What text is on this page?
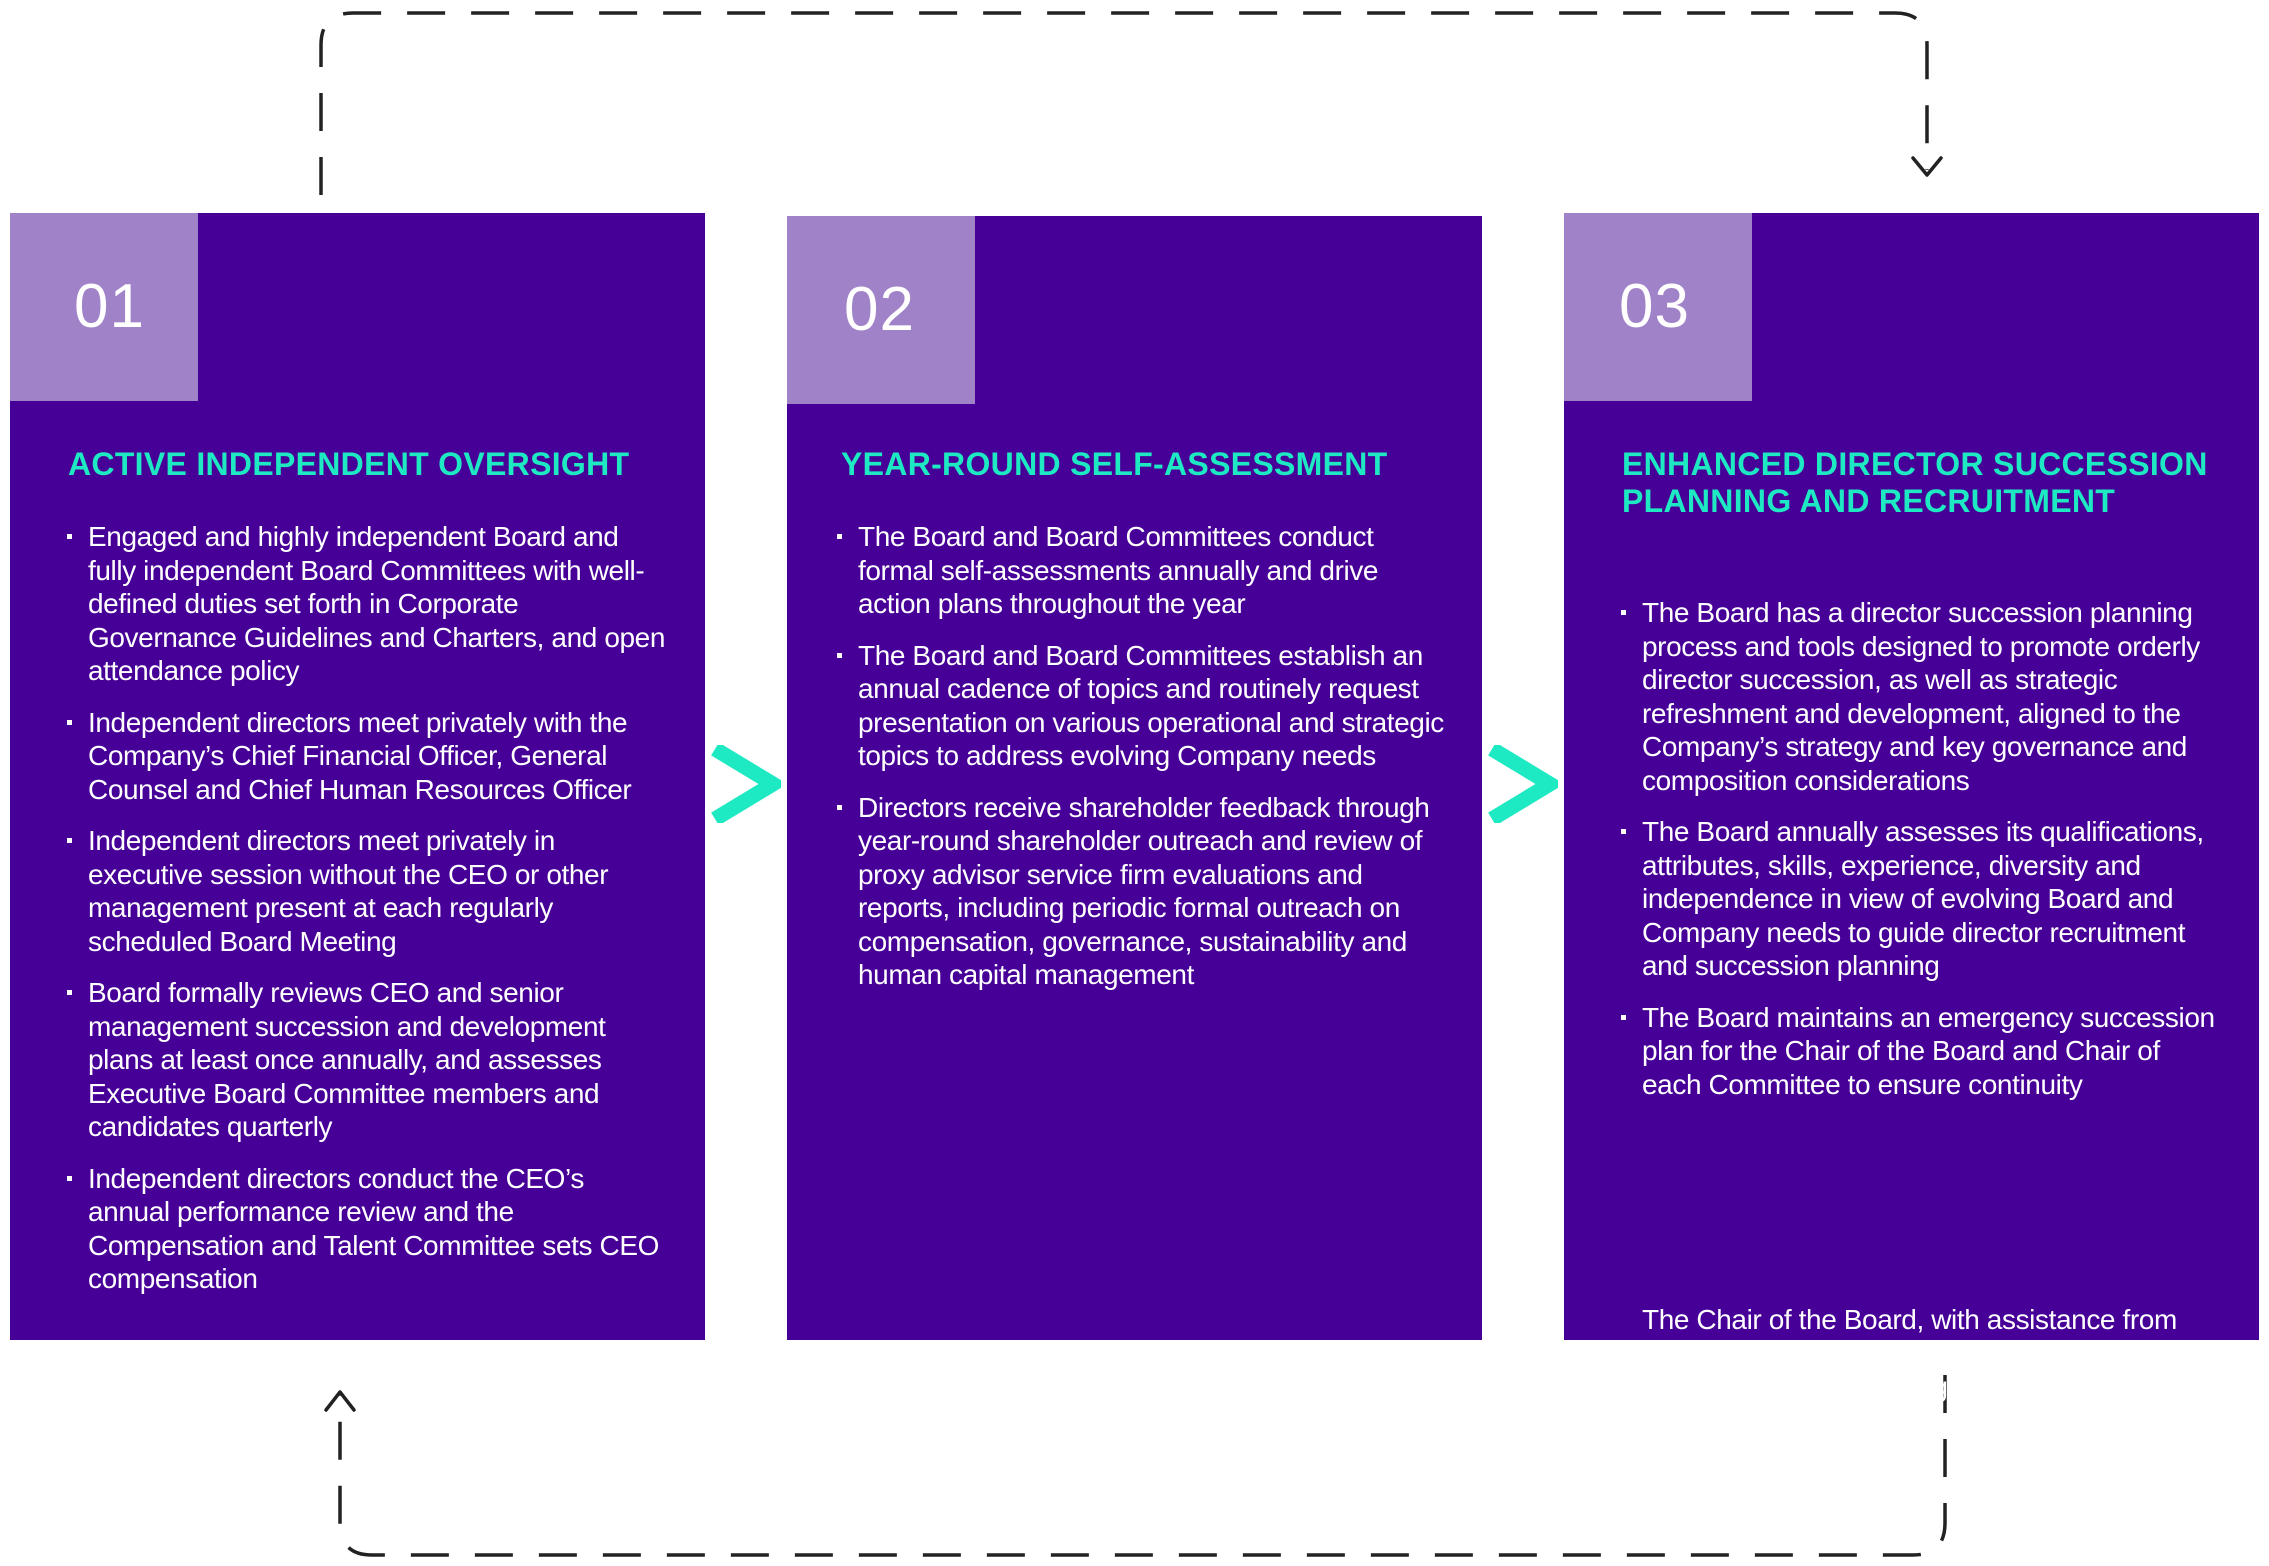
01
ACTIVE INDEPENDENT OVERSIGHT
Engaged and highly independent Board and fully independent Board Committees with well-defined duties set forth in Corporate Governance Guidelines and Charters, and open attendance policy
Independent directors meet privately with the Company’s Chief Financial Officer, General Counsel and Chief Human Resources Officer
Independent directors meet privately in executive session without the CEO or other management present at each regularly scheduled Board Meeting
Board formally reviews CEO and senior management succession and development plans at least once annually, and assesses Executive Board Committee members and candidates quarterly
Independent directors conduct the CEO’s annual performance review and the Compensation and Talent Committee sets CEO compensation
02
YEAR-ROUND SELF-ASSESSMENT
The Board and Board Committees conduct formal self-assessments annually and drive action plans throughout the year
The Board and Board Committees establish an annual cadence of topics and routinely request presentation on various operational and strategic topics to address evolving Company needs
Directors receive shareholder feedback through year-round shareholder outreach and review of proxy advisor service firm evaluations and reports, including periodic formal outreach on compensation, governance, sustainability and human capital management
03
ENHANCED DIRECTOR SUCCESSION PLANNING AND RECRUITMENT
The Board has a director succession planning process and tools designed to promote orderly director succession, as well as strategic refreshment and development, aligned to the Company’s strategy and key governance and composition considerations
The Board annually assesses its qualifications, attributes, skills, experience, diversity and independence in view of evolving Board and Company needs to guide director recruitment and succession planning
The Board maintains an emergency succession plan for the Chair of the Board and Chair of each Committee to ensure continuity

The Chair of the Board, with assistance from other directors, and senior management lead and effective on-boarding process of new directors
